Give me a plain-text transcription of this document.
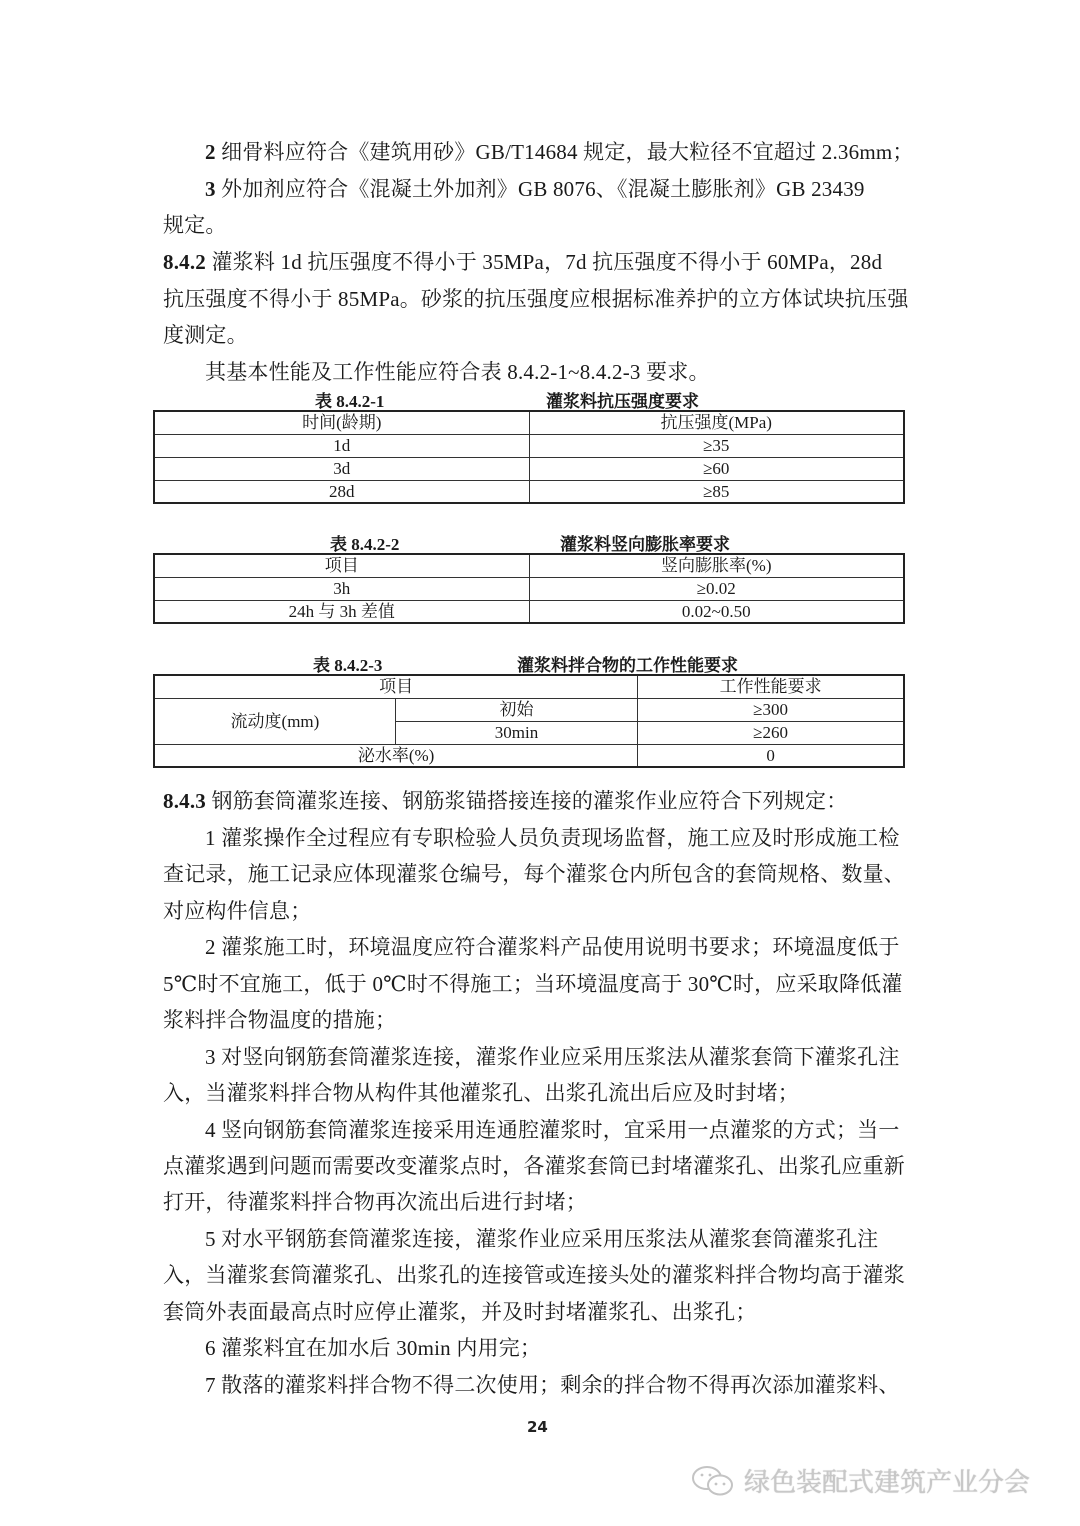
2 细骨料应符合《建筑用砂》GB/T14684 规定，最大粒径不宜超过 2.36mm；
3 外加剂应符合《混凝土外加剂》GB 8076、《混凝土膨胀剂》GB 23439
规定。
8.4.2 灌浆料 1d 抗压强度不得小于 35MPa，7d 抗压强度不得小于 60MPa，28d
抗压强度不得小于 85MPa。砂浆的抗压强度应根据标准养护的立方体试块抗压强
度测定。
其基本性能及工作性能应符合表 8.4.2-1~8.4.2-3 要求。
表 8.4.2-1	灌浆料抗压强度要求
时间(龄期)	抗压强度(MPa)
1d	≥35
3d	≥60
28d	≥85
表 8.4.2-2	灌浆料竖向膨胀率要求
项目	竖向膨胀率(%)
3h	≥0.02
24h 与 3h 差值	0.02~0.50
表 8.4.2-3	灌浆料拌合物的工作性能要求
项目		工作性能要求
流动度(mm)	初始	≥300
	30min	≥260
泌水率(%)		0
8.4.3 钢筋套筒灌浆连接、钢筋浆锚搭接连接的灌浆作业应符合下列规定：
1 灌浆操作全过程应有专职检验人员负责现场监督，施工应及时形成施工检
查记录，施工记录应体现灌浆仓编号，每个灌浆仓内所包含的套筒规格、数量、
对应构件信息；
2 灌浆施工时，环境温度应符合灌浆料产品使用说明书要求；环境温度低于
5℃时不宜施工，低于 0℃时不得施工；当环境温度高于 30℃时，应采取降低灌
浆料拌合物温度的措施；
3 对竖向钢筋套筒灌浆连接，灌浆作业应采用压浆法从灌浆套筒下灌浆孔注
入，当灌浆料拌合物从构件其他灌浆孔、出浆孔流出后应及时封堵；
4 竖向钢筋套筒灌浆连接采用连通腔灌浆时，宜采用一点灌浆的方式；当一
点灌浆遇到问题而需要改变灌浆点时，各灌浆套筒已封堵灌浆孔、出浆孔应重新
打开，待灌浆料拌合物再次流出后进行封堵；
5 对水平钢筋套筒灌浆连接，灌浆作业应采用压浆法从灌浆套筒灌浆孔注
入，当灌浆套筒灌浆孔、出浆孔的连接管或连接头处的灌浆料拌合物均高于灌浆
套筒外表面最高点时应停止灌浆，并及时封堵灌浆孔、出浆孔；
6 灌浆料宜在加水后 30min 内用完；
7 散落的灌浆料拌合物不得二次使用；剩余的拌合物不得再次添加灌浆料、
24
绿色装配式建筑产业分会
